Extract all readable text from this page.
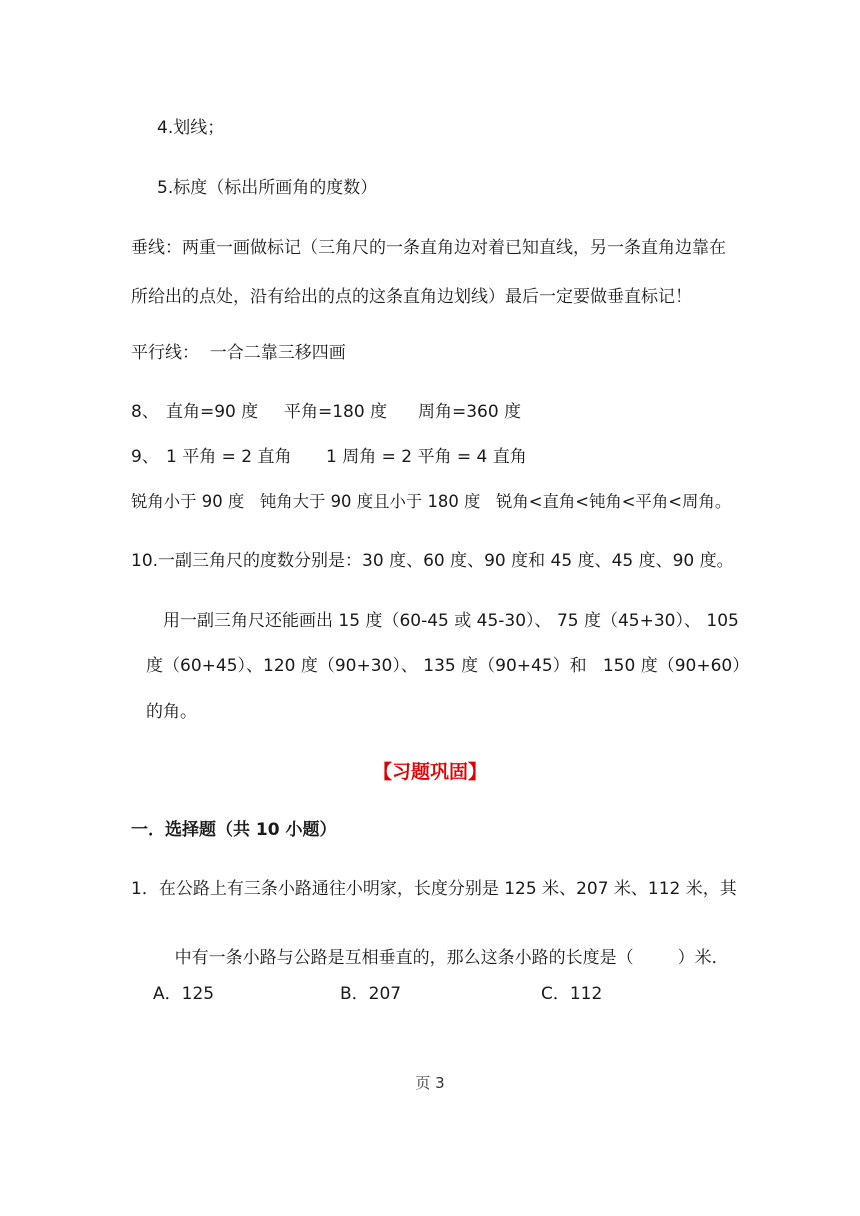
4.划线；
5.标度（标出所画角的度数）
垂线：两重一画做标记（三角尺的一条直角边对着已知直线，另一条直角边靠在
所给出的点处，沿有给出的点的这条直角边划线）最后一定要做垂直标记！
平行线：  一合二靠三移四画
8、 直角=90 度 平角=180 度 周角=360 度
9、 1 平角 = 2 直角 1 周角 = 2 平角 = 4 直角
锐角小于 90 度   钝角大于 90 度且小于 180 度   锐角<直角<钝角<平角<周角。
10.一副三角尺的度数分别是：30 度、60 度、90 度和 45 度、45 度、90 度。
用一副三角尺还能画出 15 度（60-45 或 45-30）、 75 度（45+30）、 105
度（60+45）、120 度（90+30）、 135 度（90+45）和   150 度（90+60）
的角。
【习题巩固】
一．选择题（共 10 小题）
1．在公路上有三条小路通往小明家，长度分别是 125 米、207 米、112 米，其

中有一条小路与公路是互相垂直的，那么这条小路的长度是（	）米．

A．125	B．207	C．112
页 3
